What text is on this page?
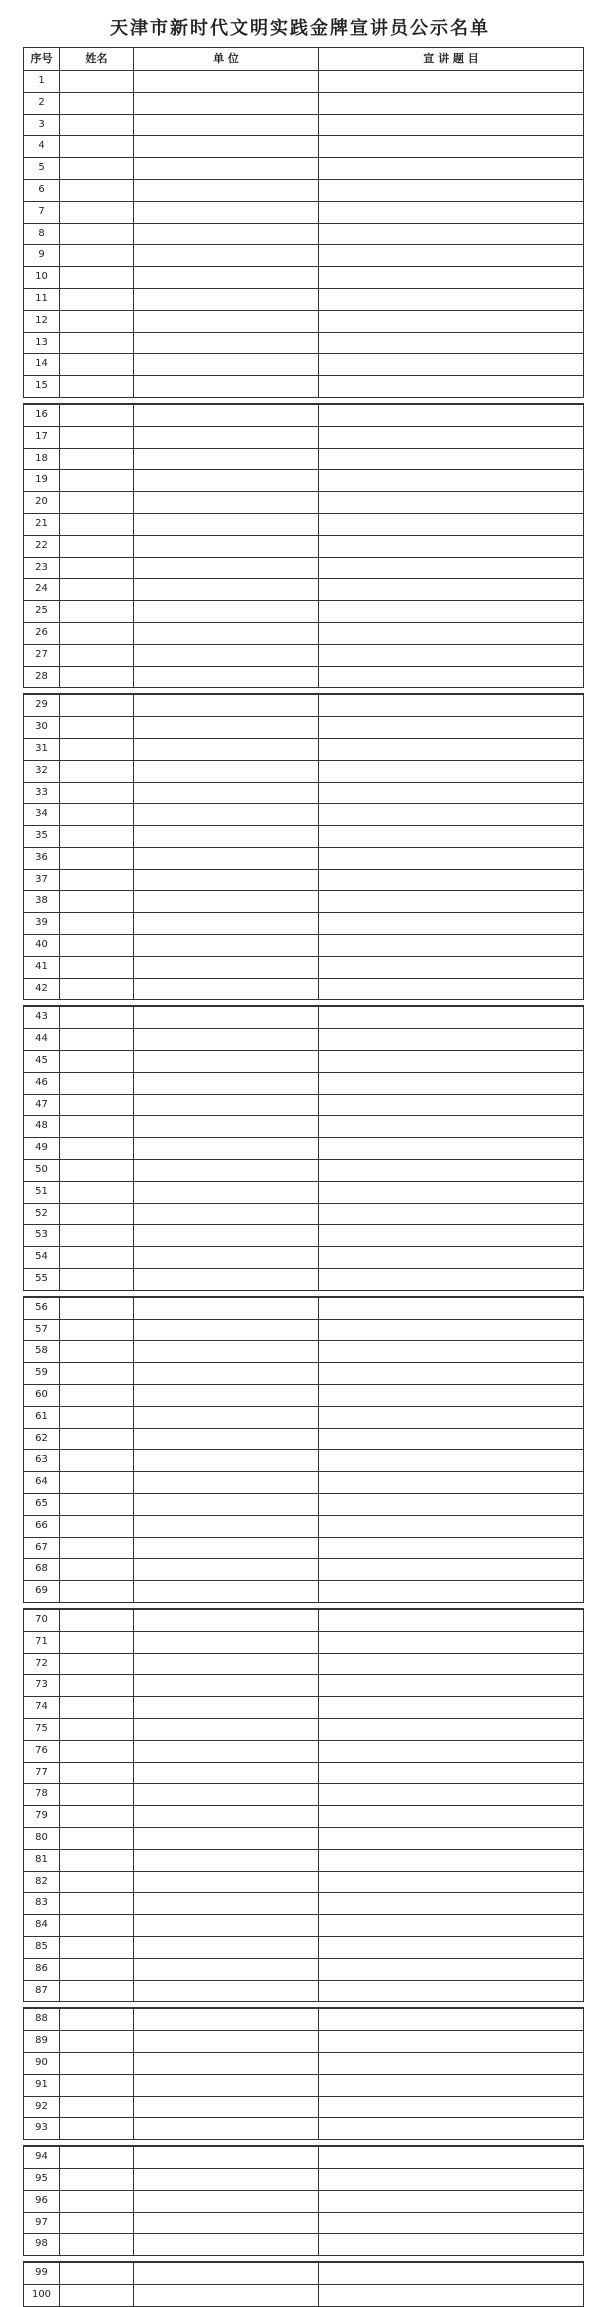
天津市新时代文明实践金牌宣讲员公示名单
序号	姓名	单 位	宣 讲 题 目
1			
2			
3			
4			
5			
6			
7			
8			
9			
10			
11			
12			
13			
14			
15			

16			
17			
18			
19			
20			
21			
22			
23			
24			
25			
26			
27			
28			

29			
30			
31			
32			
33			
34			
35			
36			
37			
38			
39			
40			
41			
42			

43			
44			
45			
46			
47			
48			
49			
50			
51			
52			
53			
54			
55			

56			
57			
58			
59			
60			
61			
62			
63			
64			
65			
66			
67			
68			
69			

70			
71			
72			
73			
74			
75			
76			
77			
78			
79			
80			
81			
82			
83			
84			
85			
86			
87			

88			
89			
90			
91			
92			
93			

94			
95			
96			
97			
98			

99			
100			
